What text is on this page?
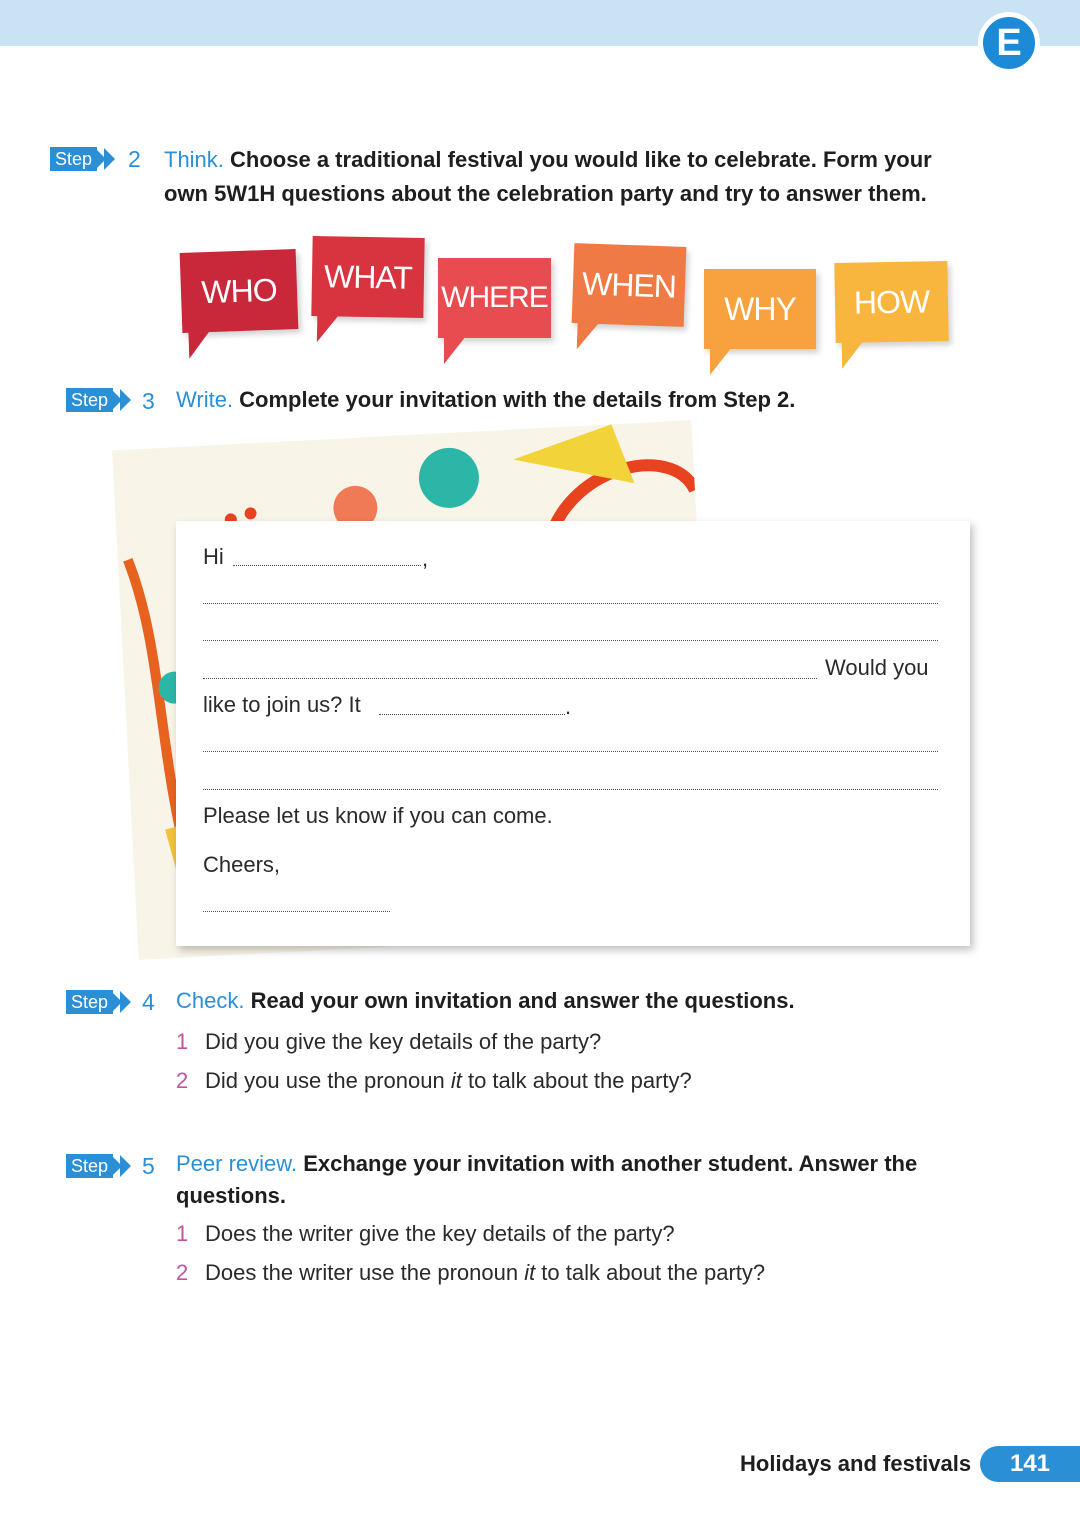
E
Step 2 Think. Choose a traditional festival you would like to celebrate. Form your
own 5W1H questions about the celebration party and try to answer them.
WHO	WHAT
WHERE	WHEN
WHY	HOW
Step 3 Write. Complete your invitation with the details from Step 2.
Hi	,
Would you
like to join us? It	.
Please let us know if you can come.
Cheers,
Step 4 Check. Read your own invitation and answer the questions.
1 Did you give the key details of the party?
2 Did you use the pronoun it to talk about the party?
Step 5 Peer review. Exchange your invitation with another student. Answer the
questions.
1 Does the writer give the key details of the party?
2 Does the writer use the pronoun it to talk about the party?
Holidays and festivals	141
